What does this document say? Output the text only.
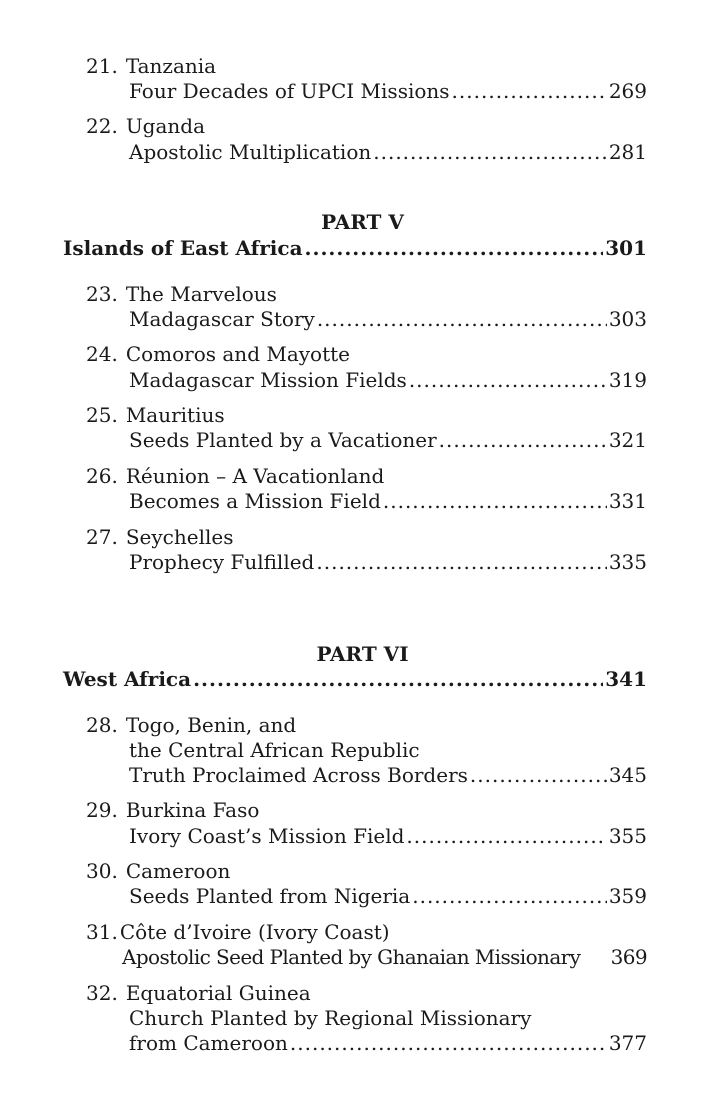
21. Tanzania
Four Decades of UPCI Missions .....	269
22. Uganda
Apostolic Multiplication .....	281
PART V
Islands of East Africa .....	301
23. The Marvelous
Madagascar Story .....	303
24. Comoros and Mayotte
Madagascar Mission Fields .....	319
25. Mauritius
Seeds Planted by a Vacationer .....	321
26. Réunion – A Vacationland
Becomes a Mission Field .....	331
27. Seychelles
Prophecy Fulfilled .....	335
PART VI
West Africa .....	341
28. Togo, Benin, and
the Central African Republic
Truth Proclaimed Across Borders .....	345
29. Burkina Faso
Ivory Coast’s Mission Field .....	355
30. Cameroon
Seeds Planted from Nigeria .....	359
31. Côte d’Ivoire (Ivory Coast)
Apostolic Seed Planted by Ghanaian Missionary 369
32. Equatorial Guinea
Church Planted by Regional Missionary
from Cameroon .....	377
